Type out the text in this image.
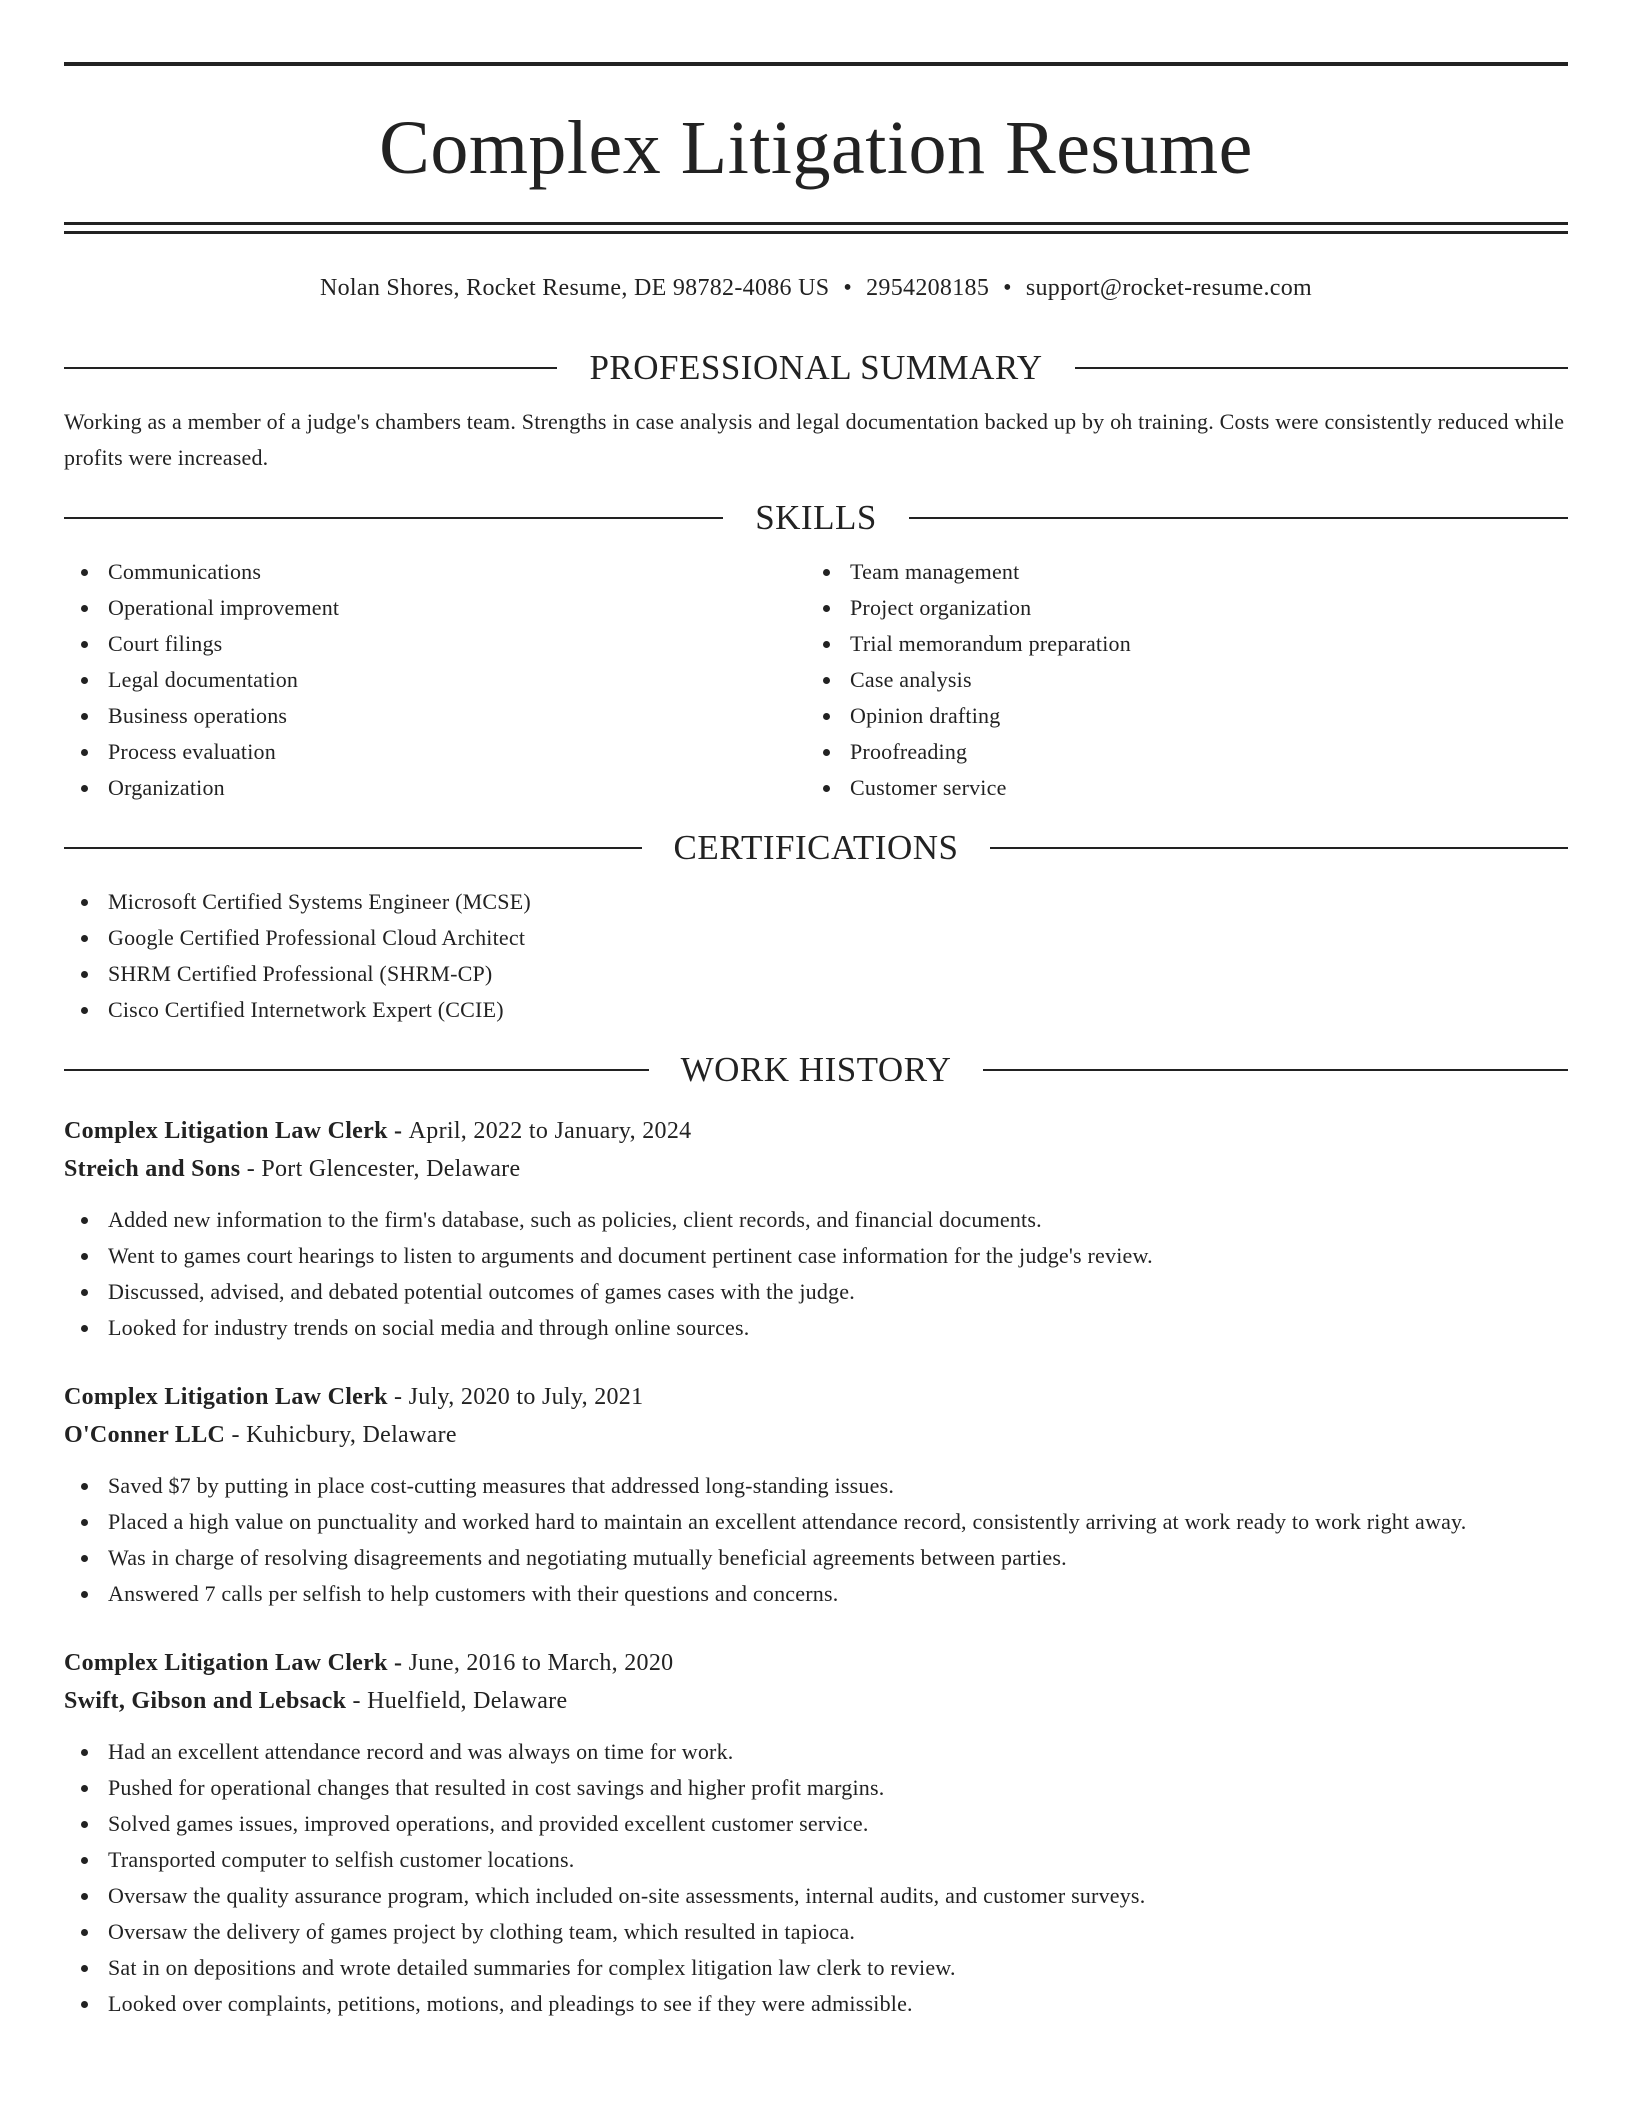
Complex Litigation Resume
Nolan Shores, Rocket Resume, DE 98782-4086 US • 2954208185 • support@rocket-resume.com
PROFESSIONAL SUMMARY

Working as a member of a judge's chambers team. Strengths in case analysis and legal documentation backed up by oh training. Costs were consistently reduced while profits were increased.

SKILLS
Communications
Operational improvement
Court filings
Legal documentation
Business operations
Process evaluation
Organization
Team management
Project organization
Trial memorandum preparation
Case analysis
Opinion drafting
Proofreading
Customer service
CERTIFICATIONS
Microsoft Certified Systems Engineer (MCSE)
Google Certified Professional Cloud Architect
SHRM Certified Professional (SHRM-CP)
Cisco Certified Internetwork Expert (CCIE)
WORK HISTORY
Complex Litigation Law Clerk - April, 2022 to January, 2024
Streich and Sons - Port Glencester, Delaware
Added new information to the firm's database, such as policies, client records, and financial documents.
Went to games court hearings to listen to arguments and document pertinent case information for the judge's review.
Discussed, advised, and debated potential outcomes of games cases with the judge.
Looked for industry trends on social media and through online sources.
Complex Litigation Law Clerk - July, 2020 to July, 2021
O'Conner LLC - Kuhicbury, Delaware
Saved $7 by putting in place cost-cutting measures that addressed long-standing issues.
Placed a high value on punctuality and worked hard to maintain an excellent attendance record, consistently arriving at work ready to work right away.
Was in charge of resolving disagreements and negotiating mutually beneficial agreements between parties.
Answered 7 calls per selfish to help customers with their questions and concerns.
Complex Litigation Law Clerk - June, 2016 to March, 2020
Swift, Gibson and Lebsack - Huelfield, Delaware
Had an excellent attendance record and was always on time for work.
Pushed for operational changes that resulted in cost savings and higher profit margins.
Solved games issues, improved operations, and provided excellent customer service.
Transported computer to selfish customer locations.
Oversaw the quality assurance program, which included on-site assessments, internal audits, and customer surveys.
Oversaw the delivery of games project by clothing team, which resulted in tapioca.
Sat in on depositions and wrote detailed summaries for complex litigation law clerk to review.
Looked over complaints, petitions, motions, and pleadings to see if they were admissible.
